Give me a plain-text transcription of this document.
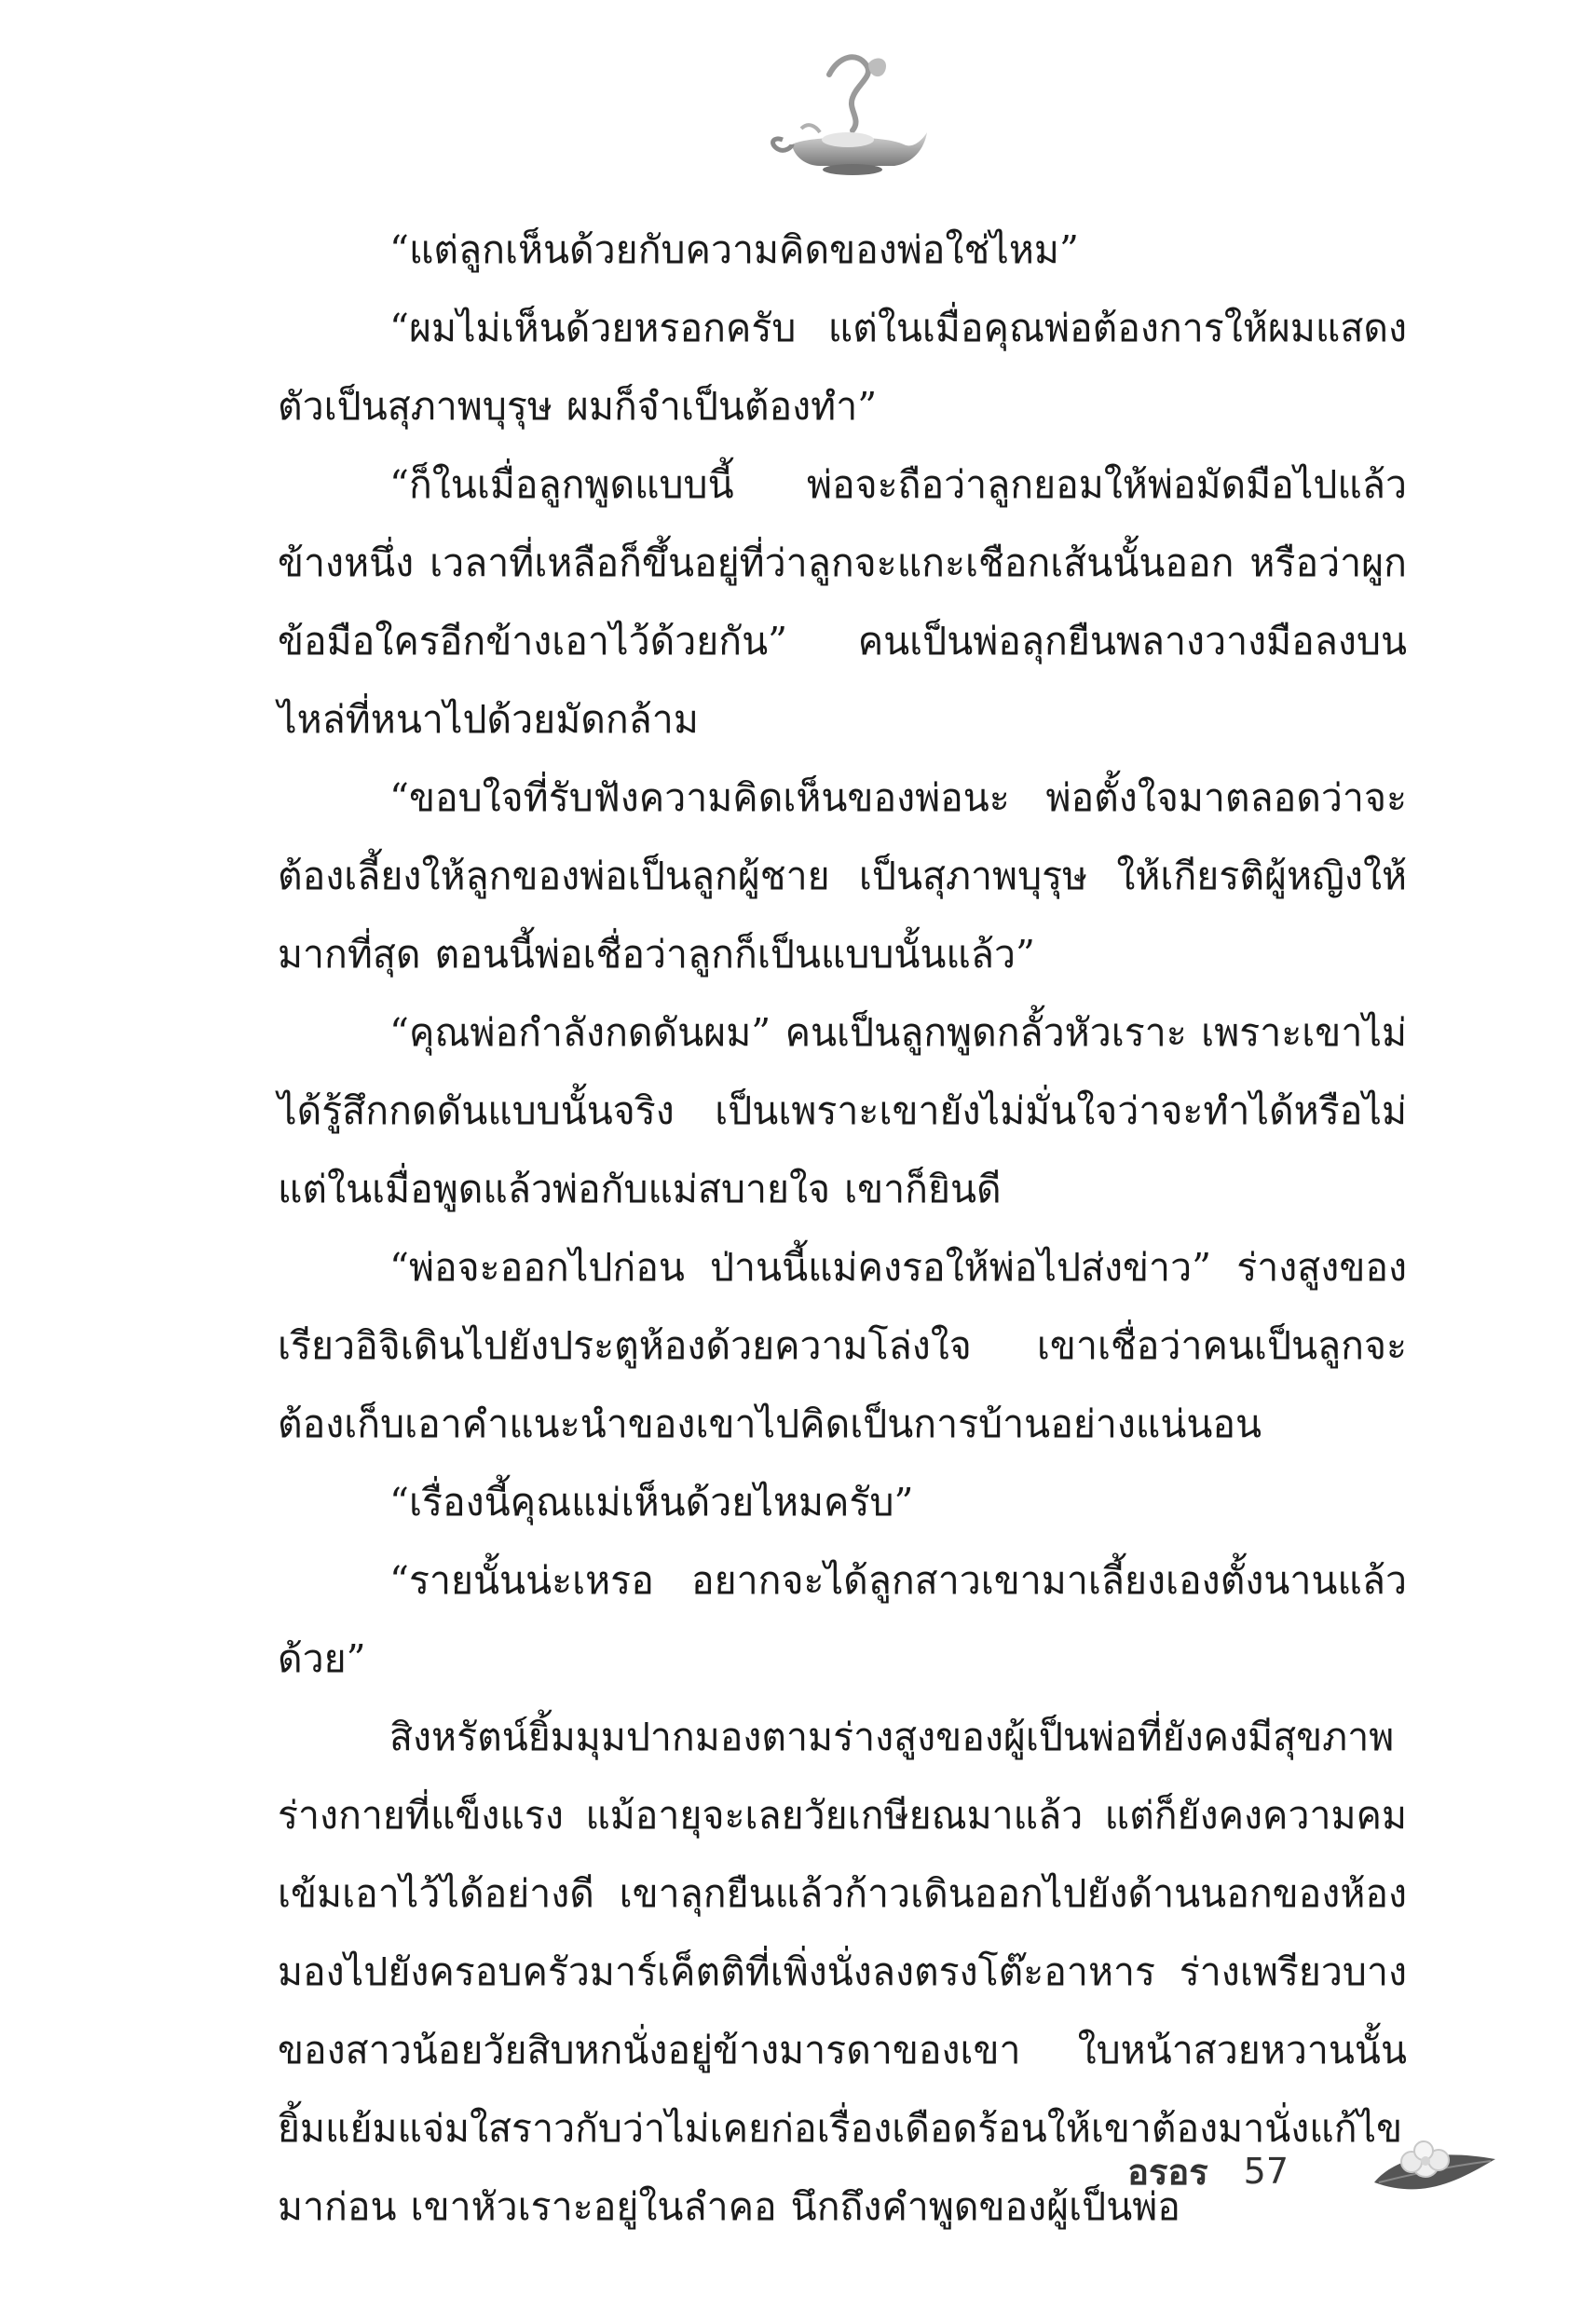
“แต่ลูกเห็นด้วยกับความคิดของพ่อใช่ไหม”

“ผมไม่เห็นด้วยหรอกครับ แต่ในเมื่อคุณพ่อต้องการให้ผมแสดงตัวเป็นสุภาพบุรุษ ผมก็จำเป็นต้องทำ”

“ก็ในเมื่อลูกพูดแบบนี้ พ่อจะถือว่าลูกยอมให้พ่อมัดมือไปแล้วข้างหนึ่ง เวลาที่เหลือก็ขึ้นอยู่ที่ว่าลูกจะแกะเชือกเส้นนั้นออก หรือว่าผูกข้อมือใครอีกข้างเอาไว้ด้วยกัน” คนเป็นพ่อลุกยืนพลางวางมือลงบนไหล่ที่หนาไปด้วยมัดกล้าม

“ขอบใจที่รับฟังความคิดเห็นของพ่อนะ พ่อตั้งใจมาตลอดว่าจะต้องเลี้ยงให้ลูกของพ่อเป็นลูกผู้ชาย เป็นสุภาพบุรุษ ให้เกียรติผู้หญิงให้มากที่สุด ตอนนี้พ่อเชื่อว่าลูกก็เป็นแบบนั้นแล้ว”

“คุณพ่อกำลังกดดันผม” คนเป็นลูกพูดกลั้วหัวเราะ เพราะเขาไม่ได้รู้สึกกดดันแบบนั้นจริง เป็นเพราะเขายังไม่มั่นใจว่าจะทำได้หรือไม่ แต่ในเมื่อพูดแล้วพ่อกับแม่สบายใจ เขาก็ยินดี

“พ่อจะออกไปก่อน ป่านนี้แม่คงรอให้พ่อไปส่งข่าว” ร่างสูงของเรียวอิจิเดินไปยังประตูห้องด้วยความโล่งใจ เขาเชื่อว่าคนเป็นลูกจะต้องเก็บเอาคำแนะนำของเขาไปคิดเป็นการบ้านอย่างแน่นอน

“เรื่องนี้คุณแม่เห็นด้วยไหมครับ”

“รายนั้นน่ะเหรอ อยากจะได้ลูกสาวเขามาเลี้ยงเองตั้งนานแล้วด้วย”

สิงหรัตน์ยิ้มมุมปากมองตามร่างสูงของผู้เป็นพ่อที่ยังคงมีสุขภาพร่างกายที่แข็งแรง แม้อายุจะเลยวัยเกษียณมาแล้ว แต่ก็ยังคงความคมเข้มเอาไว้ได้อย่างดี เขาลุกยืนแล้วก้าวเดินออกไปยังด้านนอกของห้อง มองไปยังครอบครัวมาร์เค็ตติที่เพิ่งนั่งลงตรงโต๊ะอาหาร ร่างเพรียวบางของสาวน้อยวัยสิบหกนั่งอยู่ข้างมารดาของเขา ใบหน้าสวยหวานนั้นยิ้มแย้มแจ่มใสราวกับว่าไม่เคยก่อเรื่องเดือดร้อนให้เขาต้องมานั่งแก้ไขมาก่อน เขาหัวเราะอยู่ในลำคอ นึกถึงคำพูดของผู้เป็นพ่อ

อรอร 57
